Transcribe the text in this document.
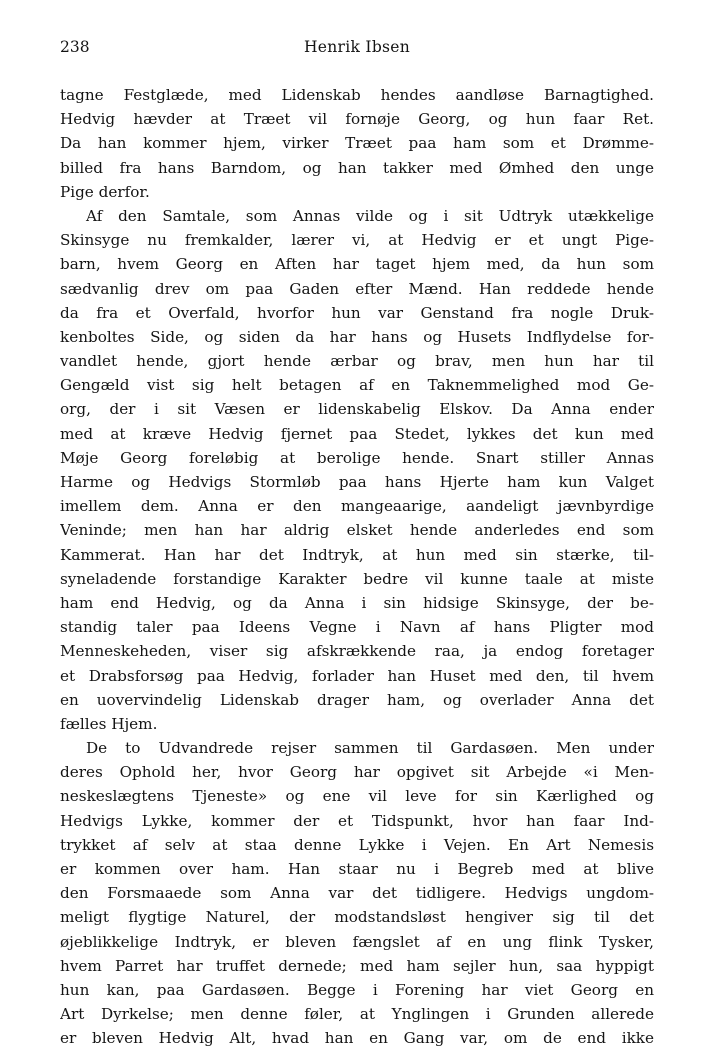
238	Henrik Ibsen
tagne Festglæde, med Lidenskab hendes aandløse Barnagtighed.
Hedvig hævder at Træet vil fornøje Georg, og hun faar Ret.
Da han kommer hjem, virker Træet paa ham som et Drømme-
billed fra hans Barndom, og han takker med Ømhed den unge
Pige derfor.
Af den Samtale, som Annas vilde og i sit Udtryk utækkelige
Skinsyge nu fremkalder, lærer vi, at Hedvig er et ungt Pige-
barn, hvem Georg en Aften har taget hjem med, da hun som
sædvanlig drev om paa Gaden efter Mænd. Han reddede hende
da fra et Overfald, hvorfor hun var Genstand fra nogle Druk-
kenboltes Side, og siden da har hans og Husets Indflydelse for-
vandlet hende, gjort hende ærbar og brav, men hun har til
Gengæld vist sig helt betagen af en Taknemmelighed mod Ge-
org, der i sit Væsen er lidenskabelig Elskov. Da Anna ender
med at kræve Hedvig fjernet paa Stedet, lykkes det kun med
Møje Georg foreløbig at berolige hende. Snart stiller Annas
Harme og Hedvigs Stormløb paa hans Hjerte ham kun Valget
imellem dem. Anna er den mangeaarige, aandeligt jævnbyrdige
Veninde; men han har aldrig elsket hende anderledes end som
Kammerat. Han har det Indtryk, at hun med sin stærke, til-
syneladende forstandige Karakter bedre vil kunne taale at miste
ham end Hedvig, og da Anna i sin hidsige Skinsyge, der be-
standig taler paa Ideens Vegne i Navn af hans Pligter mod
Menneskeheden, viser sig afskrækkende raa, ja endog foretager
et Drabsforsøg paa Hedvig, forlader han Huset med den, til hvem
en uovervindelig Lidenskab drager ham, og overlader Anna det
fælles Hjem.
De to Udvandrede rejser sammen til Gardasøen. Men under
deres Ophold her, hvor Georg har opgivet sit Arbejde «i Men-
neskeslægtens Tjeneste» og ene vil leve for sin Kærlighed og
Hedvigs Lykke, kommer der et Tidspunkt, hvor han faar Ind-
trykket af selv at staa denne Lykke i Vejen. En Art Nemesis
er kommen over ham. Han staar nu i Begreb med at blive
den Forsmaaede som Anna var det tidligere. Hedvigs ungdom-
meligt flygtige Naturel, der modstandsløst hengiver sig til det
øjeblikkelige Indtryk, er bleven fængslet af en ung flink Tysker,
hvem Parret har truffet dernede; med ham sejler hun, saa hyppigt
hun kan, paa Gardasøen. Begge i Forening har viet Georg en
Art Dyrkelse; men denne føler, at Ynglingen i Grunden allerede
er bleven Hedvig Alt, hvad han en Gang var, om de end ikke
